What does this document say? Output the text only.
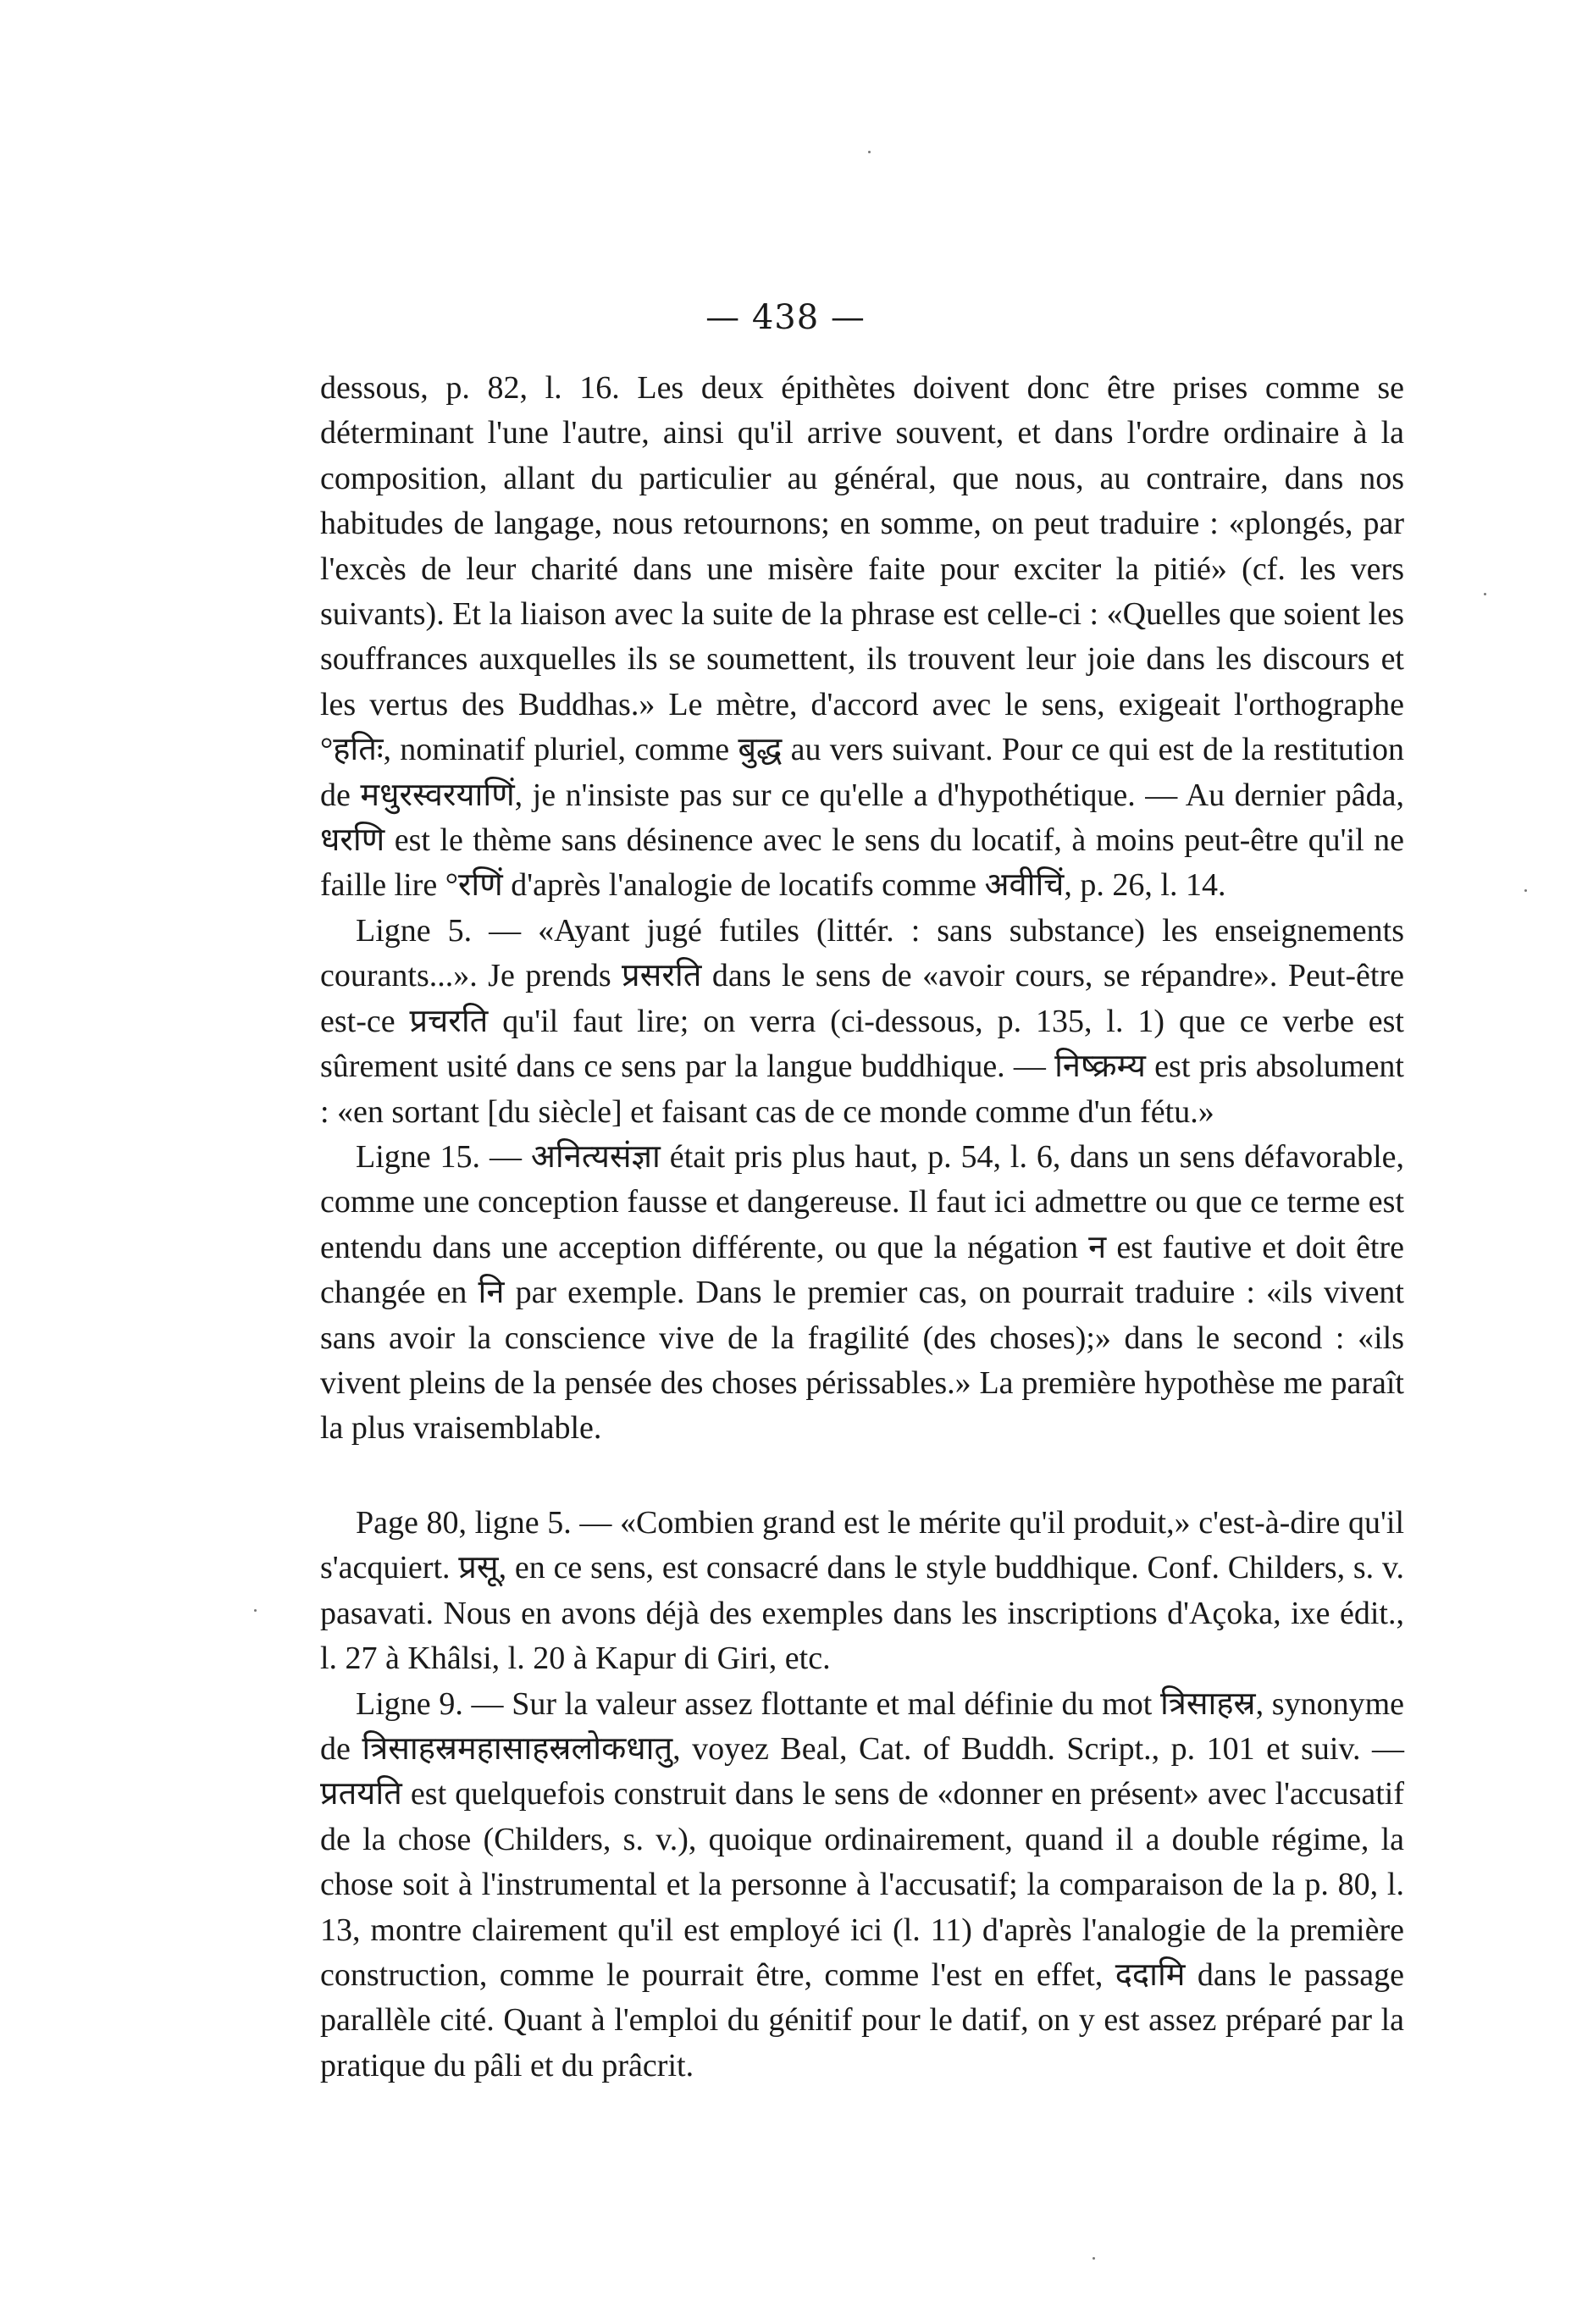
— 438 —

dessous, p. 82, l. 16. Les deux épithètes doivent donc être prises comme se déterminant l'une l'autre, ainsi qu'il arrive souvent, et dans l'ordre ordinaire à la composition, allant du particulier au général, que nous, au contraire, dans nos habitudes de langage, nous retournons; en somme, on peut traduire : «plongés, par l'excès de leur charité dans une misère faite pour exciter la pitié» (cf. les vers suivants). Et la liaison avec la suite de la phrase est celle-ci : «Quelles que soient les souffrances auxquelles ils se soumettent, ils trouvent leur joie dans les discours et les vertus des Buddhas.» Le mètre, d'accord avec le sens, exigeait l'orthographe °हतिः, nominatif pluriel, comme बुद्ध au vers suivant. Pour ce qui est de la restitution de मधुरस्वरयाणिं, je n'insiste pas sur ce qu'elle a d'hypothétique. — Au dernier pâda, धरणि est le thème sans désinence avec le sens du locatif, à moins peut-être qu'il ne faille lire °रणिं d'après l'analogie de locatifs comme अवीचिं, p. 26, l. 14.

Ligne 5. — «Ayant jugé futiles (littér. : sans substance) les enseignements courants...». Je prends प्रसरति dans le sens de «avoir cours, se répandre». Peut-être est-ce प्रचरति qu'il faut lire; on verra (ci-dessous, p. 135, l. 1) que ce verbe est sûrement usité dans ce sens par la langue buddhique. — निष्क्रम्य est pris absolument : «en sortant [du siècle] et faisant cas de ce monde comme d'un fétu.»

Ligne 15. — अनित्यसंज्ञा était pris plus haut, p. 54, l. 6, dans un sens défavorable, comme une conception fausse et dangereuse. Il faut ici admettre ou que ce terme est entendu dans une acception différente, ou que la négation न est fautive et doit être changée en नि par exemple. Dans le premier cas, on pourrait traduire : «ils vivent sans avoir la conscience vive de la fragilité (des choses);» dans le second : «ils vivent pleins de la pensée des choses périssables.» La première hypothèse me paraît la plus vraisemblable.

Page 80, ligne 5. — «Combien grand est le mérite qu'il produit,» c'est-à-dire qu'il s'acquiert. प्रसू, en ce sens, est consacré dans le style buddhique. Conf. Childers, s. v. pasavati. Nous en avons déjà des exemples dans les inscriptions d'Açoka, ixe édit., l. 27 à Khâlsi, l. 20 à Kapur di Giri, etc.

Ligne 9. — Sur la valeur assez flottante et mal définie du mot त्रिसाहस्र, synonyme de त्रिसाहस्रमहासाहस्रलोकधातु, voyez Beal, Cat. of Buddh. Script., p. 101 et suiv. — प्रतयति est quelquefois construit dans le sens de «donner en présent» avec l'accusatif de la chose (Childers, s. v.), quoique ordinairement, quand il a double régime, la chose soit à l'instrumental et la personne à l'accusatif; la comparaison de la p. 80, l. 13, montre clairement qu'il est employé ici (l. 11) d'après l'analogie de la première construction, comme le pourrait être, comme l'est en effet, ददामि dans le passage parallèle cité. Quant à l'emploi du génitif pour le datif, on y est assez préparé par la pratique du pâli et du prâcrit.
